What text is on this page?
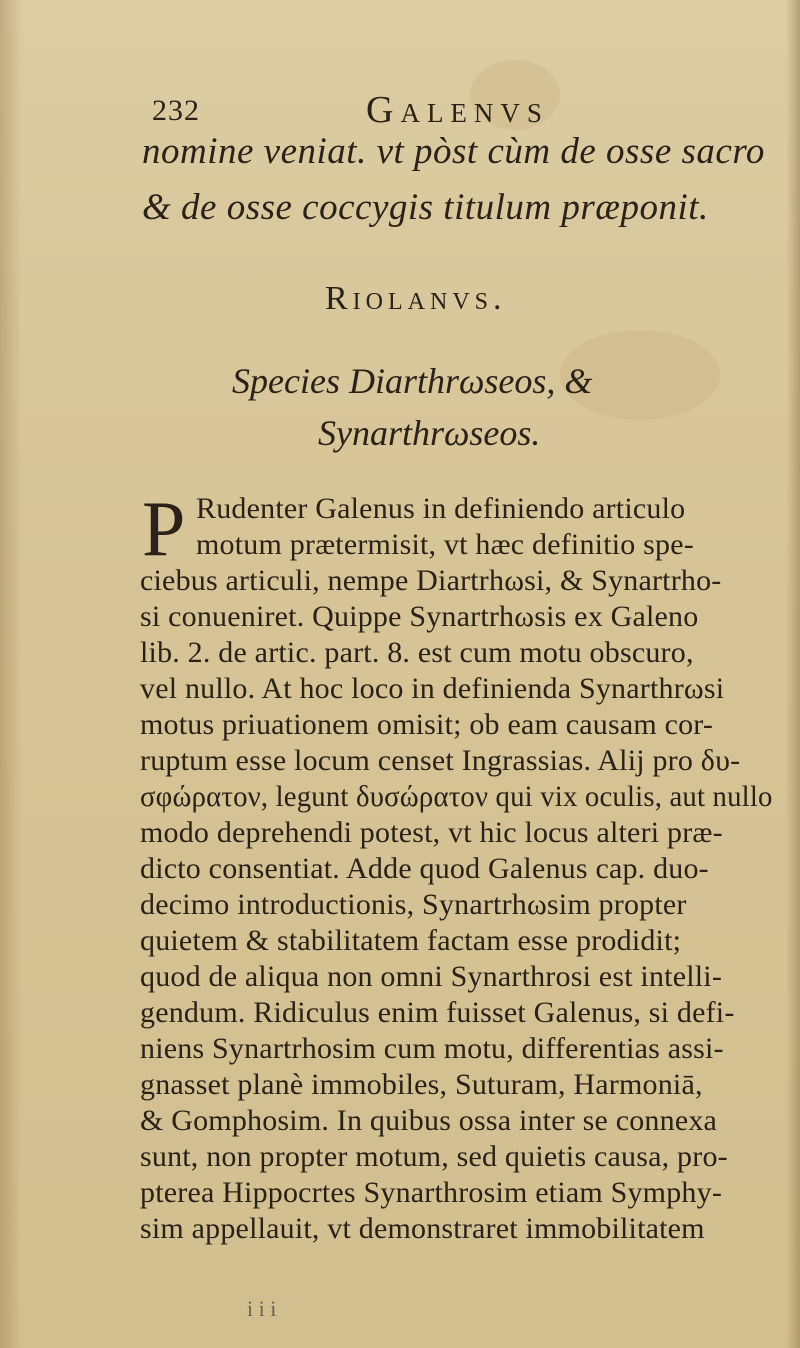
232	Galenvs
nomine veniat. vt pòst cùm de osse sacro
& de osse coccygis titulum præponit.
Riolanvs.
Species Diarthrωseos, &
Synarthrωseos.
P Rudenter Galenus in definiendo articulo
motum prætermisit, vt hæc definitio spe-
ciebus articuli, nempe Diartrhωsi, & Synartrho-
si conueniret. Quippe Synartrhωsis ex Galeno
lib. 2. de artic. part. 8. est cum motu obscuro,
vel nullo. At hoc loco in definienda Synarthrωsi
motus priuationem omisit; ob eam causam cor-
ruptum esse locum censet Ingrassias. Alij pro δυ-
σφώρατον, legunt δυσώρατον qui vix oculis, aut nullo
modo deprehendi potest, vt hic locus alteri præ-
dicto consentiat. Adde quod Galenus cap. duo-
decimo introductionis, Synartrhωsim propter
quietem & stabilitatem factam esse prodidit;
quod de aliqua non omni Synarthrosi est intelli-
gendum. Ridiculus enim fuisset Galenus, si defi-
niens Synartrhosim cum motu, differentias assi-
gnasset planè immobiles, Suturam, Harmoniā,
& Gomphosim. In quibus ossa inter se connexa
sunt, non propter motum, sed quietis causa, pro-
pterea Hippocrtes Synarthrosim etiam Symphy-
sim appellauit, vt demonstraret immobilitatem
i i i
